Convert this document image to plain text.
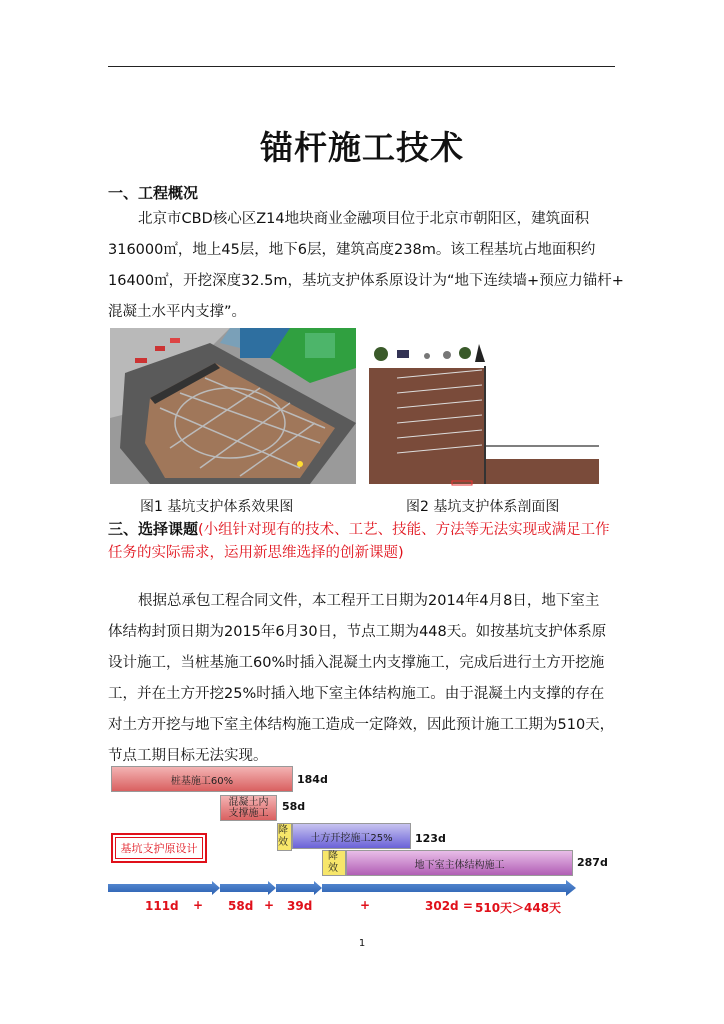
锚杆施工技术
一、工程概况
北京市CBD核心区Z14地块商业金融项目位于北京市朝阳区，建筑面积
316000㎡，地上45层，地下6层，建筑高度238m。该工程基坑占地面积约
16400㎡，开挖深度32.5m，基坑支护体系原设计为“地下连续墙+预应力锚杆+
混凝土水平内支撑”。
图1 基坑支护体系效果图	图2 基坑支护体系剖面图
三、选择课题(小组针对现有的技术、工艺、技能、方法等无法实现或满足工作
任务的实际需求，运用新思维选择的创新课题)
根据总承包工程合同文件，本工程开工日期为2014年4月8日，地下室主
体结构封顶日期为2015年6月30日，节点工期为448天。如按基坑支护体系原
设计施工，当桩基施工60%时插入混凝土内支撑施工，完成后进行土方开挖施
工，并在土方开挖25%时插入地下室主体结构施工。由于混凝土内支撑的存在
对土方开挖与地下室主体结构施工造成一定降效，因此预计施工工期为510天，
节点工期目标无法实现。
桩基施工60%	184d
混凝土内支撑施工
58d
降效	土方开挖施工25%	123d
降效	地下室主体结构施工	287d
基坑支护原设计
111d + 58d + 39d	+	302d = 510天 ＞448天
1
